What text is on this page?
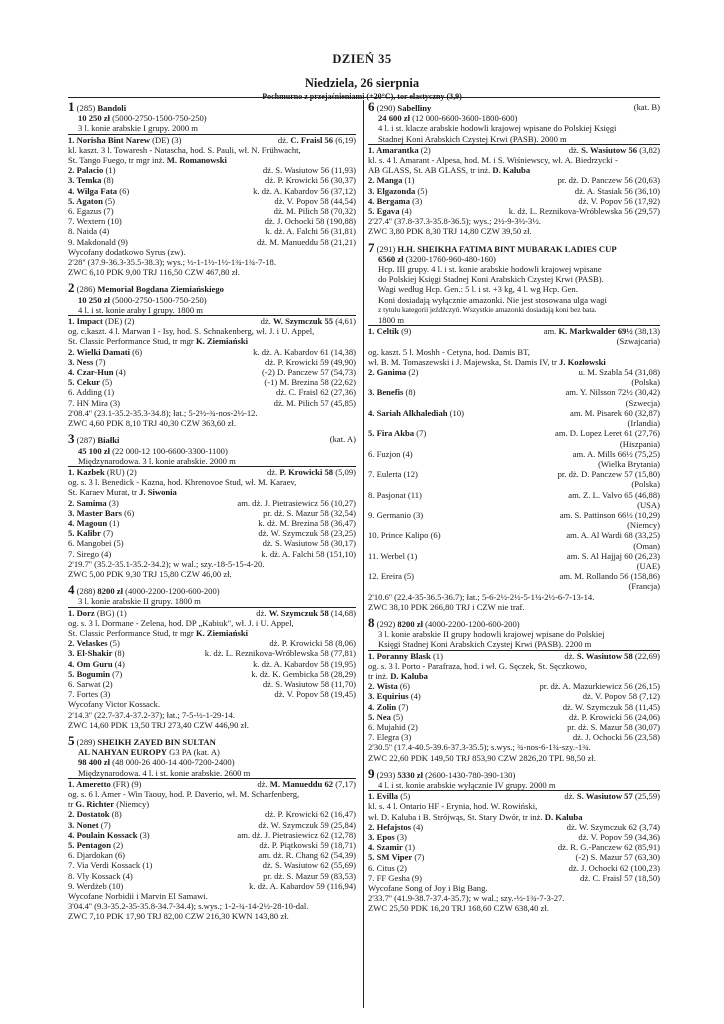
DZIEŃ 35
Niedziela, 26 sierpnia
Pochmurno z przejaśnieniami (+20°C), tor elastyczny (3,9)
1 (285) Bandoli
10 250 zł (5000-2750-1500-750-250)
3 l. konie arabskie I grupy. 2000 m
1. Norisha Bint Narew (DE) (3)	dż. C. Fraisl 56 (6,19)
kl. kaszt. 3 l. Towaresh - Natascha, hod. S. Pauli, wł. N. Frühwacht,
St. Tango Fuego, tr mgr inż. M. Romanowski
2. Palacio (1)	dż. S. Wasiutow 56 (11,93)
3. Temka (8)	dż. P. Krowicki 56 (30,37)
4. Wilga Fata (6)	k. dż. A. Kabardov 56 (37,12)
5. Agaton (5)	dż. V. Popov 58 (44,54)
6. Egazus (7)	dż. M. Pilich 58 (70,32)
7. Wextern (10)	dż. J. Ochocki 58 (190,88)
8. Naida (4)	k. dż. A. Falchi 56 (31,81)
9. Makdonald (9)	dż. M. Manueddu 58 (21,21)
Wycofany dodatkowo Syrus (zw).
2'28'' (37.9-36.3-35.5-38.3); wys.; ½-1-1½-1½-1¾-1¾-7-18.
ZWC 6,10 PDK 9,00 TRJ 116,50 CZW 467,80 zł.
2 (286) Memoriał Bogdana Ziemiańskiego
10 250 zł (5000-2750-1500-750-250)
4 l. i st. konie araby I grupy. 1800 m
1. Impact (DE) (2)	dż. W. Szymczuk 55 (4,61)
og. c.kaszt. 4 l. Marwan I - Isy, hod. S. Schnakenberg, wł. J. i U. Appel,
St. Classic Performance Stud, tr mgr K. Ziemiański
2. Wielki Damati (6)	k. dż. A. Kabardov 61 (14,38)
3. Ness (7)	dż. P. Krowicki 59 (49,90)
4. Czar-Hun (4)	(-2) D. Panczew 57 (54,73)
5. Cekur (5)	(-1) M. Brezina 58 (22,62)
6. Adding (1)	dż. C. Fraisl 62 (27,36)
7. HN Mira (3)	dż. M. Pilich 57 (45,85)
2'08.4'' (23.1-35.2-35.3-34.8); łat.; 5-2½-¾-nos-2½-12.
ZWC 4,60 PDK 8,10 TRJ 40,30 CZW 363,60 zł.
3 (287) Białki	(kat. A)
45 100 zł (22 000-12 100-6600-3300-1100)
Międzynarodowa. 3 l. konie arabskie. 2000 m
1. Kazbek (RU) (2)	dż. P. Krowicki 58 (5,09)
og. s. 3 l. Benedick - Kazna, hod. Khrenovoe Stud, wł. M. Karaev,
St. Karaev Murat, tr J. Siwonia
2. Samima (3)	am. dż. J. Pietrasiewicz 56 (10,27)
3. Master Bars (6)	pr. dż. S. Mazur 58 (32,54)
4. Magoun (1)	k. dż. M. Brezina 58 (36,47)
5. Kalibr (7)	dż. W. Szymczuk 58 (23,25)
6. Mangobei (5)	dż. S. Wasiutow 58 (30,17)
7. Sirego (4)	k. dż. A. Falchi 58 (151,10)
2'19.7'' (35.2-35.1-35.2-34.2); w wal.; szy.-18-5-15-4-20.
ZWC 5,00 PDK 9,30 TRJ 15,80 CZW 46,00 zł.
4 (288) 8200 zł (4000-2200-1200-600-200)
3 l. konie arabskie II grupy. 1800 m
1. Dorz (BG) (1)	dż. W. Szymczuk 58 (14,68)
og. s. 3 l. Dormane - Zelena, hod. DP „Kabiuk", wł. J. i U. Appel,
St. Classic Performance Stud, tr mgr K. Ziemiański
2. Velaskes (5)	dż. P. Krowicki 58 (8,06)
3. El-Shakir (8)	k. dż. L. Reznikova-Wróblewska 58 (77,81)
4. Om Guru (4)	k. dż. A. Kabardov 58 (19,95)
5. Bogumin (7)	k. dż. K. Gembicka 58 (28,29)
6. Sarwat (2)	dż. S. Wasiutow 58 (11,70)
7. Fortes (3)	dż. V. Popov 58 (19,45)
Wycofany Victor Kossack.
2'14.3'' (22.7-37.4-37.2-37); łat.; 7-5-½-1-29-14.
ZWC 14,60 PDK 13,50 TRJ 273,40 CZW 446,90 zł.
5 (289) SHEIKH ZAYED BIN SULTAN
AL NAHYAN EUROPY G3 PA (kat. A)
98 400 zł (48 000-26 400-14 400-7200-2400)
Międzynarodowa. 4 l. i st. konie arabskie. 2600 m
1. Ameretto (FR) (9)	dż. M. Manueddu 62 (7,17)
og. s. 6 l. Amer - Win Taouy, hod. P. Daverio, wł. M. Scharfenberg,
tr G. Richter (Niemcy)
2. Dostatok (8)	dż. P. Krowicki 62 (16,47)
3. Nonet (7)	dż. W. Szymczuk 59 (25,84)
4. Poulain Kossack (3)	am. dż. J. Pietrasiewicz 62 (12,78)
5. Pentagon (2)	dż. P. Piątkowski 59 (18,71)
6. Djardokan (6)	am. dż. R. Chang 62 (54,39)
7. Via Verdi Kossack (1)	dż. S. Wasiutow 62 (55,69)
8. Vly Kossack (4)	pr. dż. S. Mazur 59 (83,53)
9. Werdżeb (10)	k. dż. A. Kabardov 59 (116,94)
Wycofane Norbidii i Marvin El Samawi.
3'04.4'' (9.3-35.2-35-35.8-34.7-34.4); s.wys.; 1-2-¾-14-2½-28-10-dal.
ZWC 7,10 PDK 17,90 TRJ 82,00 CZW 216,30 KWN 143,80 zł.
6 (290) Sabelliny	(kat. B)
24 600 zł (12 000-6600-3600-1800-600)
4 l. i st. klacze arabskie hodowli krajowej wpisane do Polskiej Księgi
Stadnej Koni Arabskich Czystej Krwi (PASB). 2000 m
1. Amarantka (2)	dż. S. Wasiutow 56 (3,82)
kl. s. 4 l. Amarant - Alpesa, hod. M. i S. Wiśniewscy, wł. A. Biedrzycki -
AB GLASS, St. AB GLASS, tr inż. D. Kaluba
2. Manga (1)	pr. dż. D. Panczew 56 (20,63)
3. Elgazonda (5)	dż. A. Stasiak 56 (36,10)
4. Bergama (3)	dż. V. Popov 56 (17,92)
5. Egava (4)	k. dż. L. Reznikova-Wróblewska 56 (29,57)
2'27.4'' (37.8-37.3-35.8-36.5); wys.; 2½-9-3½-3½.
ZWC 3,80 PDK 8,30 TRJ 14,80 CZW 39,50 zł.
7 (291) H.H. SHEIKHA FATIMA BINT MUBARAK LADIES CUP
6560 zł (3200-1760-960-480-160)
Hcp. III grupy. 4 l. i st. konie arabskie hodowli krajowej wpisane
do Polskiej Księgi Stadnej Koni Arabskich Czystej Krwi (PASB).
Wagi według Hcp. Gen.: 5 l. i st. +3 kg, 4 l. wg Hcp. Gen.
Koni dosiadają wyłącznie amazonki. Nie jest stosowana ulga wagi
z tytułu kategorii jeźdźczyń. Wszystkie amazonki dosiadają koni bez bata.
1800 m
1. Celtik (9)	am. K. Markwalder 69½ (38,13)
(Szwajcaria)
og. kaszt. 5 l. Moshh - Cetyna, hod. Damis BT,
wł. B. M. Tomaszewski i J. Majewska, St. Damis IV, tr J. Kozłowski
2. Ganima (2)	u. M. Szabla 54 (31,08)
(Polska)
3. Benefis (8)	am. Y. Nilsson 72½ (30,42)
(Szwecja)
4. Sariah Alkhalediah (10)	am. M. Pisarek 60 (32,87)
(Irlandia)
5. Fira Akba (7)	am. D. Lopez Leret 61 (27,76)
(Hiszpania)
6. Fuzjon (4)	am. A. Mills 66½ (75,25)
(Wielka Brytania)
7. Eulerta (12)	pr. dż. D. Panczew 57 (15,80)
(Polska)
8. Pasjonat (11)	am. Z. L. Valvo 65 (46,88)
(USA)
9. Germanio (3)	am. S. Pattinson 66½ (10,29)
(Niemcy)
10. Prince Kalipo (6)	am. A. Al Wardi 68 (33,25)
(Oman)
11. Werbel (1)	am. S. Al Hajjaj 60 (26,23)
(UAE)
12. Ereira (5)	am. M. Rollando 56 (158,86)
(Francja)
2'10.6'' (22.4-35-36.5-36.7); łat.; 5-6-2½-2½-5-1¼-2½-6-7-13-14.
ZWC 38,10 PDK 266,80 TRJ i CZW nie traf.
8 (292) 8200 zł (4000-2200-1200-600-200)
3 l. konie arabskie II grupy hodowli krajowej wpisane do Polskiej
Księgi Stadnej Koni Arabskich Czystej Krwi (PASB). 2200 m
1. Poranny Blask (1)	dż. S. Wasiutow 58 (22,69)
og. s. 3 l. Porto - Parafraza, hod. i wł. G. Sęczek, St. Sęczkowo,
tr inż. D. Kaluba
2. Wista (6)	pr. dż. A. Mazurkiewicz 56 (26,15)
3. Equirius (4)	dż. V. Popov 58 (7,12)
4. Zolin (7)	dż. W. Szymczuk 58 (11,45)
5. Nea (5)	dż. P. Krowicki 56 (24,06)
6. Mujahid (2)	pr. dż. S. Mazur 58 (30,07)
7. Elegra (3)	dż. J. Ochocki 56 (23,58)
2'30.5'' (17.4-40.5-39.6-37.3-35.5); s.wys.; ¾-nos-6-1¾-szy.-1¾.
ZWC 22,60 PDK 149,50 TRJ 853,90 CZW 2826,20 TPL 98,50 zł.
9 (293) 5330 zł (2600-1430-780-390-130)
4 l. i st. konie arabskie wyłącznie IV grupy. 2000 m
1. Evilla (5)	dż. S. Wasiutow 57 (25,59)
kl. s. 4 l. Ontario HF - Erynia, hod. W. Rowiński,
wł. D. Kaluba i B. Strójwąs, St. Stary Dwór, tr inż. D. Kaluba
2. Hefajstos (4)	dż. W. Szymczuk 62 (3,74)
3. Epos (3)	dż. V. Popov 59 (34,36)
4. Szamir (1)	dż. R. G.-Panczew 62 (85,91)
5. SM Viper (7)	(-2) S. Mazur 57 (63,30)
6. Citus (2)	dż. J. Ochocki 62 (100,23)
7. FF Gesha (9)	dż. C. Fraisl 57 (18,50)
Wycofane Song of Joy i Big Bang.
2'33.7'' (41.9-38.7-37.4-35.7); w wal.; szy.-½-1¾-7-3-27.
ZWC 25,50 PDK 16,20 TRJ 168,60 CZW 638,40 zł.
